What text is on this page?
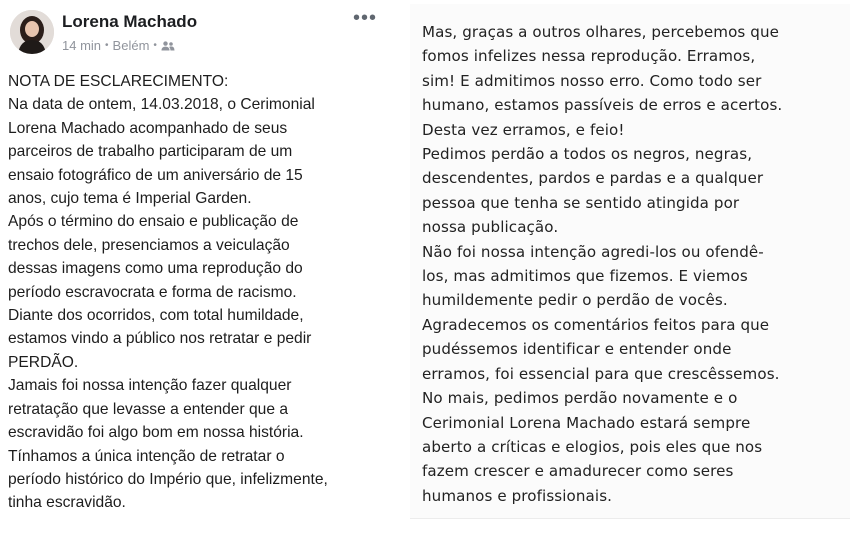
Lorena Machado
14 min • Belém •
•••
NOTA DE ESCLARECIMENTO:
Na data de ontem, 14.03.2018, o Cerimonial
Lorena Machado acompanhado de seus
parceiros de trabalho participaram de um
ensaio fotográfico de um aniversário de 15
anos, cujo tema é Imperial Garden.
Após o término do ensaio e publicação de
trechos dele, presenciamos a veiculação
dessas imagens como uma reprodução do
período escravocrata e forma de racismo.
Diante dos ocorridos, com total humildade,
estamos vindo a público nos retratar e pedir
PERDÃO.
Jamais foi nossa intenção fazer qualquer
retratação que levasse a entender que a
escravidão foi algo bom em nossa história.
Tínhamos a única intenção de retratar o
período histórico do Império que, infelizmente,
tinha escravidão.
Mas, graças a outros olhares, percebemos que
fomos infelizes nessa reprodução. Erramos,
sim! E admitimos nosso erro. Como todo ser
humano, estamos passíveis de erros e acertos.
Desta vez erramos, e feio!
Pedimos perdão a todos os negros, negras,
descendentes, pardos e pardas e a qualquer
pessoa que tenha se sentido atingida por
nossa publicação.
Não foi nossa intenção agredi-los ou ofendê-
los, mas admitimos que fizemos. E viemos
humildemente pedir o perdão de vocês.
Agradecemos os comentários feitos para que
pudéssemos identificar e entender onde
erramos, foi essencial para que crescêssemos.
No mais, pedimos perdão novamente e o
Cerimonial Lorena Machado estará sempre
aberto a críticas e elogios, pois eles que nos
fazem crescer e amadurecer como seres
humanos e profissionais.
